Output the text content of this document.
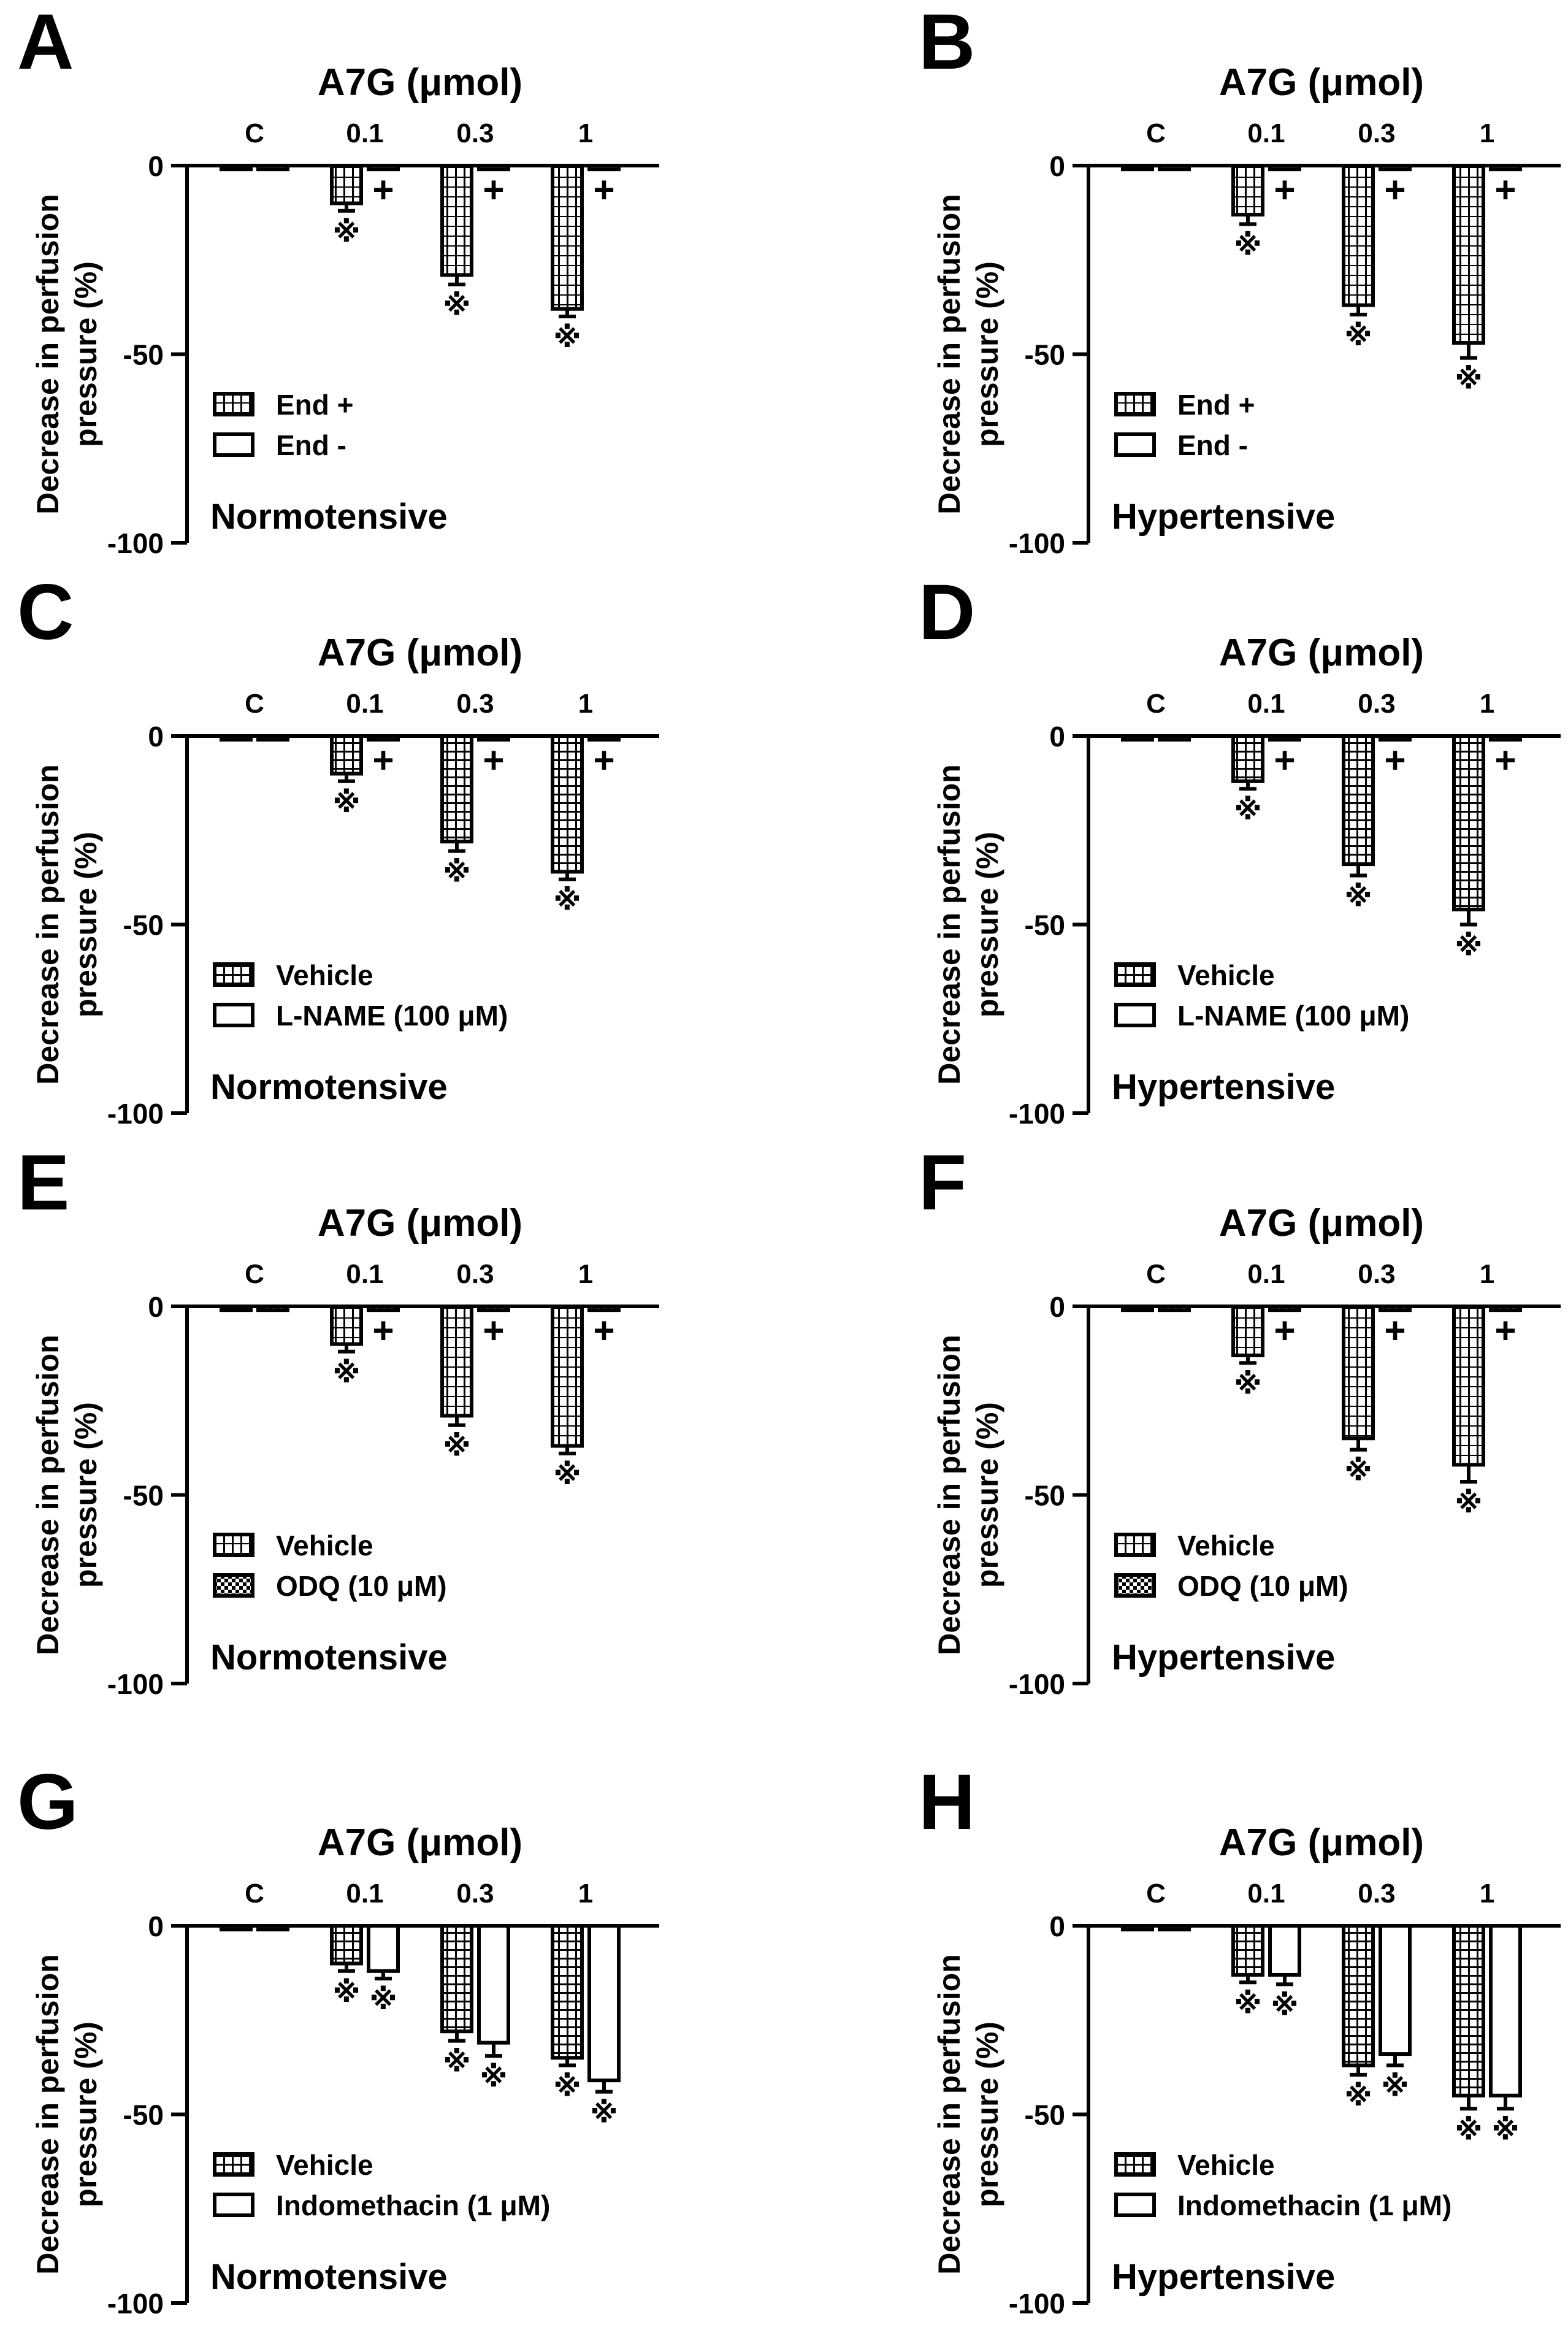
A	A7G (μmol)
C	0.1	0.3	1
Decrease in perfusion pressure (%)
0
-50
-100
※
※
※
+ + +
End +
End -
Normotensive
B	A7G (μmol)
C	0.1	0.3	1
Decrease in perfusion pressure (%)
0
-50
-100
※
※
※
+ + +
End +
End -
Hypertensive
C	A7G (μmol)
C	0.1	0.3	1
Decrease in perfusion pressure (%)
0
-50
-100
※
※
※
+ + +
Vehicle
L-NAME (100 μM)
Normotensive
D	A7G (μmol)
C	0.1	0.3	1
Decrease in perfusion pressure (%)
0
-50
-100
※
※
※
+ + +
Vehicle
L-NAME (100 μM)
Hypertensive
E	A7G (μmol)
C	0.1	0.3	1
Decrease in perfusion pressure (%)
0
-50
-100
※
※
※
+ + +
Vehicle
ODQ (10 μM)
Normotensive
F	A7G (μmol)
C	0.1	0.3	1
Decrease in perfusion pressure (%)
0
-50
-100
※
※
※
+ + +
Vehicle
ODQ (10 μM)
Hypertensive
G	A7G (μmol)
C	0.1	0.3	1
Decrease in perfusion pressure (%)
0
-50
-100
※
※
※
※
※
※
Vehicle
Indomethacin (1 μM)
Normotensive
H	A7G (μmol)
C	0.1	0.3	1
Decrease in perfusion pressure (%)
0
-50
-100
※
※
※
※
※
※
Vehicle
Indomethacin (1 μM)
Hypertensive
